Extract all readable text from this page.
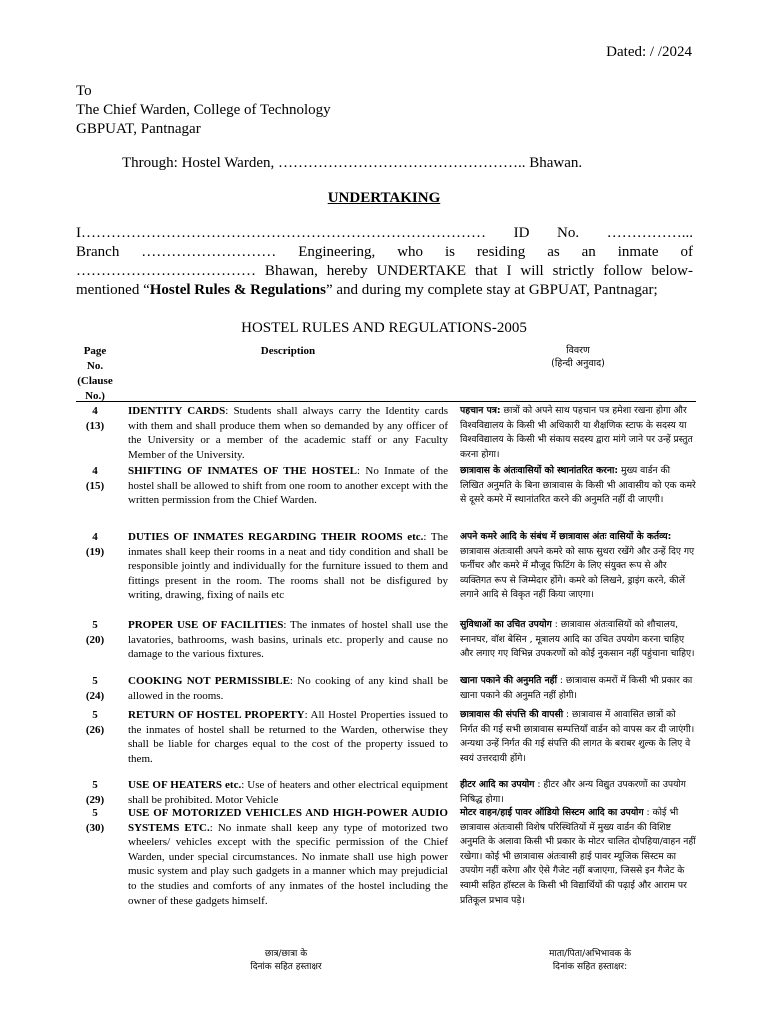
Dated: / /2024
To
The Chief Warden, College of Technology
GBPUAT, Pantnagar
Through: Hostel Warden, ………………………………………….. Bhawan.
UNDERTAKING

I……………………………………………………………………… ID No. ……………...

Branch ……………………… Engineering, who is residing as an inmate of ……………………………… Bhawan, hereby UNDERTAKE that I will strictly follow below-mentioned “Hostel Rules & Regulations” and during my complete stay at GBPUAT, Pantnagar;

HOSTEL RULES AND REGULATIONS-2005
Page No. (Clause No.)
Description	विवरण
(हिन्दी अनुवाद)
4
(13)
IDENTITY CARDS: Students shall always carry the Identity cards with them and shall produce them when so demanded by any officer of the University or a member of the academic staff or any Faculty Member of the University.
पहचान पत्र: छात्रों को अपने साथ पहचान पत्र हमेशा रखना होगा और विश्वविद्यालय के किसी भी अधिकारी या शैक्षणिक स्टाफ के सदस्य या विश्वविद्यालय के किसी भी संकाय सदस्य द्वारा मांगे जाने पर उन्हें प्रस्तुत करना होगा।
4
(15)
SHIFTING OF INMATES OF THE HOSTEL: No Inmate of the hostel shall be allowed to shift from one room to another except with the written permission from the Chief Warden.
छात्रावास के अंतःवासियों को स्थानांतरित करना: मुख्य वार्डन की लिखित अनुमति के बिना छात्रावास के किसी भी आवासीय को एक कमरे से दूसरे कमरे में स्थानांतरित करने की अनुमति नहीं दी जाएगी।
4
(19)
DUTIES OF INMATES REGARDING THEIR ROOMS etc.: The inmates shall keep their rooms in a neat and tidy condition and shall be responsible jointly and individually for the furniture issued to them and fittings present in the room. The rooms shall not be disfigured by writing, drawing, fixing of nails etc
अपने कमरे आदि के संबंध में छात्रावास अंतः वासियों के कर्तव्य: छात्रावास अंतःवासी अपने कमरे को साफ सुथरा रखेंगे और उन्हें दिए गए फर्नीचर और कमरे में मौजूद फिटिंग के लिए संयुक्त रूप से और व्यक्तिगत रूप से जिम्मेदार होंगे। कमरे को लिखने, ड्राइंग करने, कीलें लगाने आदि से विकृत नहीं किया जाएगा।
5
(20)
PROPER USE OF FACILITIES: The inmates of hostel shall use the lavatories, bathrooms, wash basins, urinals etc. properly and cause no damage to the various fixtures.
सुविधाओं का उचित उपयोग : छात्रावास अंतःवासियों को शौचालय, स्नानघर, वॉश बेसिन , मूत्रालय आदि का उचित उपयोग करना चाहिए और लगाए गए विभिन्न उपकरणों को कोई नुकसान नहीं पहुंचाना चाहिए।
5
(24)
COOKING NOT PERMISSIBLE: No cooking of any kind shall be allowed in the rooms.
खाना पकाने की अनुमति नहीं : छात्रावास कमरों में किसी भी प्रकार का खाना पकाने की अनुमति नहीं होगी।
5
(26)
RETURN OF HOSTEL PROPERTY: All Hostel Properties issued to the inmates of hostel shall be returned to the Warden, otherwise they shall be liable for charges equal to the cost of the property issued to them.
छात्रावास की संपत्ति की वापसी : छात्रावास में आवासित छात्रों को निर्गत की गई सभी छात्रावास सम्पत्तियाँ वार्डन को वापस कर दी जाएंगी। अन्यथा उन्हें निर्गत की गई संपत्ति की लागत के बराबर शुल्क के लिए वे स्वयं उत्तरदायी होंगे।
5
(29)
USE OF HEATERS etc.: Use of heaters and other electrical equipment shall be prohibited. Motor Vehicle
हीटर आदि का उपयोग : हीटर और अन्य विद्युत उपकरणों का उपयोग निषिद्ध होगा।
5
(30)
USE OF MOTORIZED VEHICLES AND HIGH-POWER AUDIO SYSTEMS ETC.: No inmate shall keep any type of motorized two wheelers/ vehicles except with the specific permission of the Chief Warden, under special circumstances. No inmate shall use high power music system and play such gadgets in a manner which may prejudicial to the studies and comforts of any inmates of the hostel including the owner of these gadgets himself.
मोटर वाहन/हाई पावर ऑडियो सिस्टम आदि का उपयोग : कोई भी छात्रावास अंतःवासी विशेष परिस्थितियों में मुख्य वार्डन की विशिष्ट अनुमति के अलावा किसी भी प्रकार के मोटर चालित दोपहिया/वाहन नहीं रखेगा। कोई भी छात्रावास अंतःवासी हाई पावर म्यूजिक सिस्टम का उपयोग नहीं करेगा और ऐसे गैजेट नहीं बजाएगा, जिससे इन गैजेट के स्वामी सहित हॉस्टल के किसी भी विद्यार्थियों की पढ़ाई और आराम पर प्रतिकूल प्रभाव पड़े।
छात्र/छात्रा के
दिनांक सहित हस्ताक्षर
माता/पिता/अभिभावक के
दिनांक सहित हस्ताक्षर:
